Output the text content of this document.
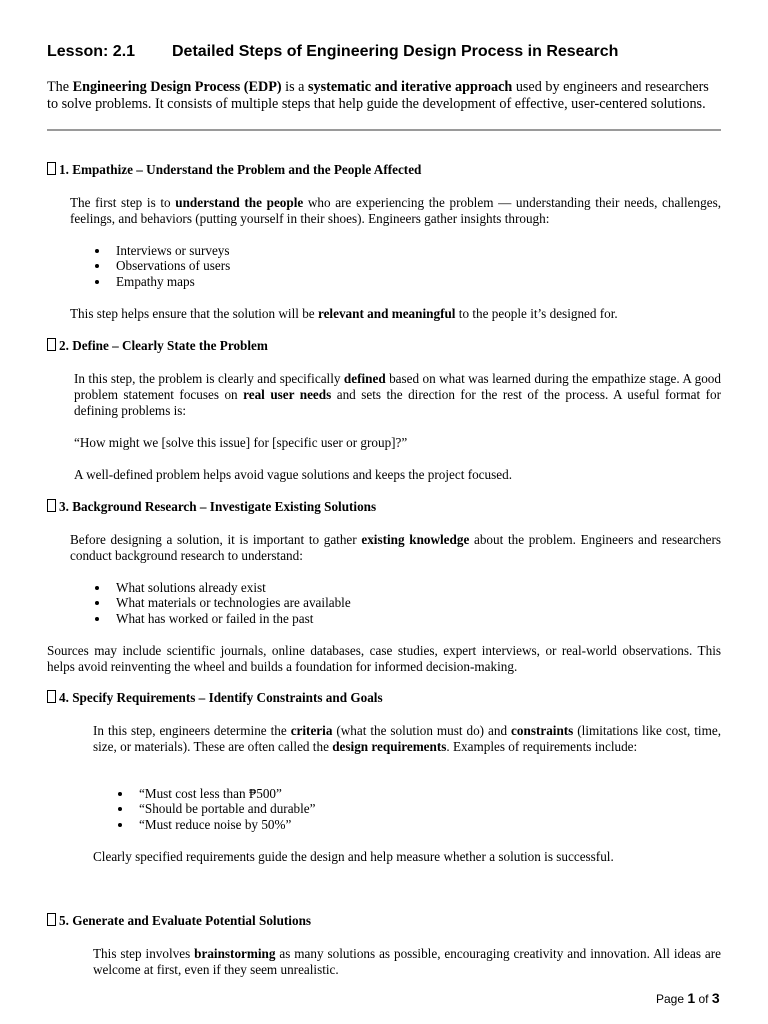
Lesson: 2.1 Detailed Steps of Engineering Design Process in Research
The Engineering Design Process (EDP) is a systematic and iterative approach used by engineers and researchers to solve problems. It consists of multiple steps that help guide the development of effective, user-centered solutions.
1. Empathize – Understand the Problem and the People Affected
The first step is to understand the people who are experiencing the problem — understanding their needs, challenges, feelings, and behaviors (putting yourself in their shoes). Engineers gather insights through:
Interviews or surveys
Observations of users
Empathy maps
This step helps ensure that the solution will be relevant and meaningful to the people it’s designed for.
2. Define – Clearly State the Problem
In this step, the problem is clearly and specifically defined based on what was learned during the empathize stage. A good problem statement focuses on real user needs and sets the direction for the rest of the process. A useful format for defining problems is:
“How might we [solve this issue] for [specific user or group]?”
A well-defined problem helps avoid vague solutions and keeps the project focused.
3. Background Research – Investigate Existing Solutions
Before designing a solution, it is important to gather existing knowledge about the problem. Engineers and researchers conduct background research to understand:
What solutions already exist
What materials or technologies are available
What has worked or failed in the past
Sources may include scientific journals, online databases, case studies, expert interviews, or real-world observations. This helps avoid reinventing the wheel and builds a foundation for informed decision-making.
4. Specify Requirements – Identify Constraints and Goals
In this step, engineers determine the criteria (what the solution must do) and constraints (limitations like cost, time, size, or materials). These are often called the design requirements. Examples of requirements include:
“Must cost less than ₱500”
“Should be portable and durable”
“Must reduce noise by 50%”
Clearly specified requirements guide the design and help measure whether a solution is successful.
5. Generate and Evaluate Potential Solutions
This step involves brainstorming as many solutions as possible, encouraging creativity and innovation. All ideas are welcome at first, even if they seem unrealistic.
Page 1 of 3
